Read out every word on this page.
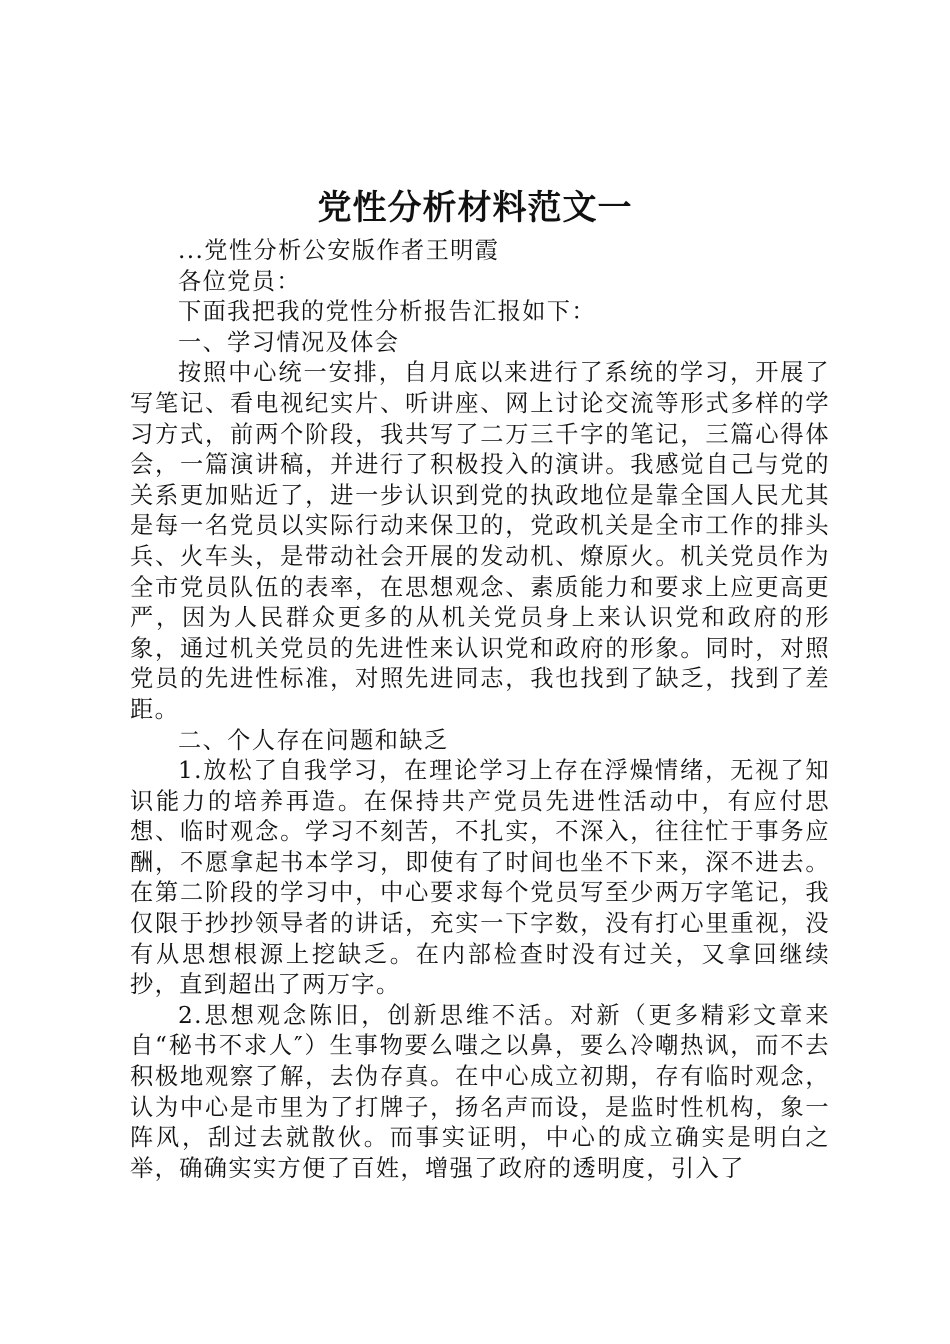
党性分析材料范文一

...党性分析公安版作者王明霞

各位党员：

下面我把我的党性分析报告汇报如下：

一、学习情况及体会

按照中心统一安排，自月底以来进行了系统的学习，开展了写笔记、看电视纪实片、听讲座、网上讨论交流等形式多样的学习方式，前两个阶段，我共写了二万三千字的笔记，三篇心得体会，一篇演讲稿，并进行了积极投入的演讲。我感觉自己与党的关系更加贴近了，进一步认识到党的执政地位是靠全国人民尤其是每一名党员以实际行动来保卫的，党政机关是全市工作的排头兵、火车头，是带动社会开展的发动机、燎原火。机关党员作为全市党员队伍的表率，在思想观念、素质能力和要求上应更高更严，因为人民群众更多的从机关党员身上来认识党和政府的形象，通过机关党员的先进性来认识党和政府的形象。同时，对照党员的先进性标准，对照先进同志，我也找到了缺乏，找到了差距。

二、个人存在问题和缺乏

1.放松了自我学习，在理论学习上存在浮燥情绪，无视了知识能力的培养再造。在保持共产党员先进性活动中，有应付思想、临时观念。学习不刻苦，不扎实，不深入，往往忙于事务应酬，不愿拿起书本学习，即使有了时间也坐不下来，深不进去。在第二阶段的学习中，中心要求每个党员写至少两万字笔记，我仅限于抄抄领导者的讲话，充实一下字数，没有打心里重视，没有从思想根源上挖缺乏。在内部检查时没有过关，又拿回继续抄，直到超出了两万字。

2.思想观念陈旧，创新思维不活。对新（更多精彩文章来自“秘书不求人″）生事物要么嗤之以鼻，要么冷嘲热讽，而不去积极地观察了解，去伪存真。在中心成立初期，存有临时观念，认为中心是市里为了打牌子，扬名声而设，是监时性机构，象一阵风，刮过去就散伙。而事实证明，中心的成立确实是明白之举，确确实实方便了百姓，增强了政府的透明度，引入了
